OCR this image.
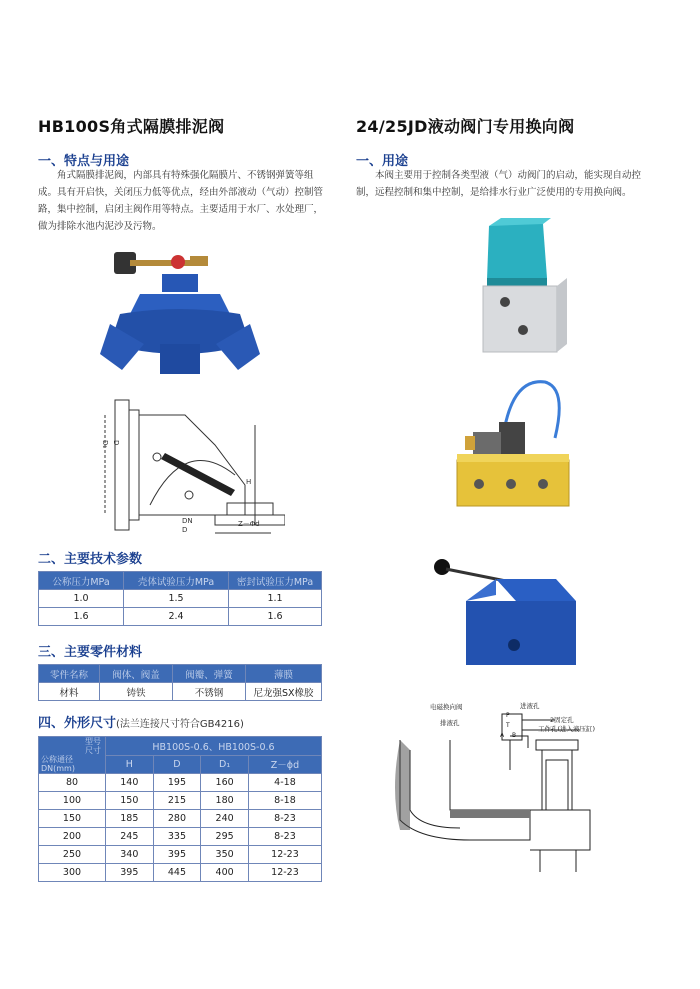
HB100S角式隔膜排泥阀
一、特点与用途
角式隔膜排泥阀，内部具有特殊强化隔膜片、不锈钢弹簧等组成。具有开启快，关闭压力低等优点，经由外部液动（气动）控制管路，集中控制，启闭主阀作用等特点。主要适用于水厂、水处理厂，做为排除水池内泥沙及污物。
D₁ D
H
DN
D
Z－Φd
二、主要技术参数
公称压力MPa	壳体试验压力MPa	密封试验压力MPa
1.0	1.5	1.1
1.6	2.4	1.6
三、主要零件材料
零件名称	阀体、阀盖	阀瓣、弹簧	薄膜
材料	铸铁	不锈钢	尼龙强SX橡胶
四、外形尺寸(法兰连接尺寸符合GB4216)
型号
尺寸
公称通径
DN(mm)	HB100S-0.6、HB100S-0.6			
	H	D	D₁	Z－ϕd
80	140	195	160	4-18
100	150	215	180	8-18
150	185	280	240	8-23
200	245	335	295	8-23
250	340	395	350	12-23
300	395	445	400	12-23
24/25JD液动阀门专用换向阀
一、用途
本阀主要用于控制各类型液（气）动阀门的启动，能实现自动控制，远程控制和集中控制，是给排水行业广泛使用的专用换向阀。
电磁换向阀	进液孔
排液孔	2固定孔
工作孔(进入液压缸)
P
T
A B
